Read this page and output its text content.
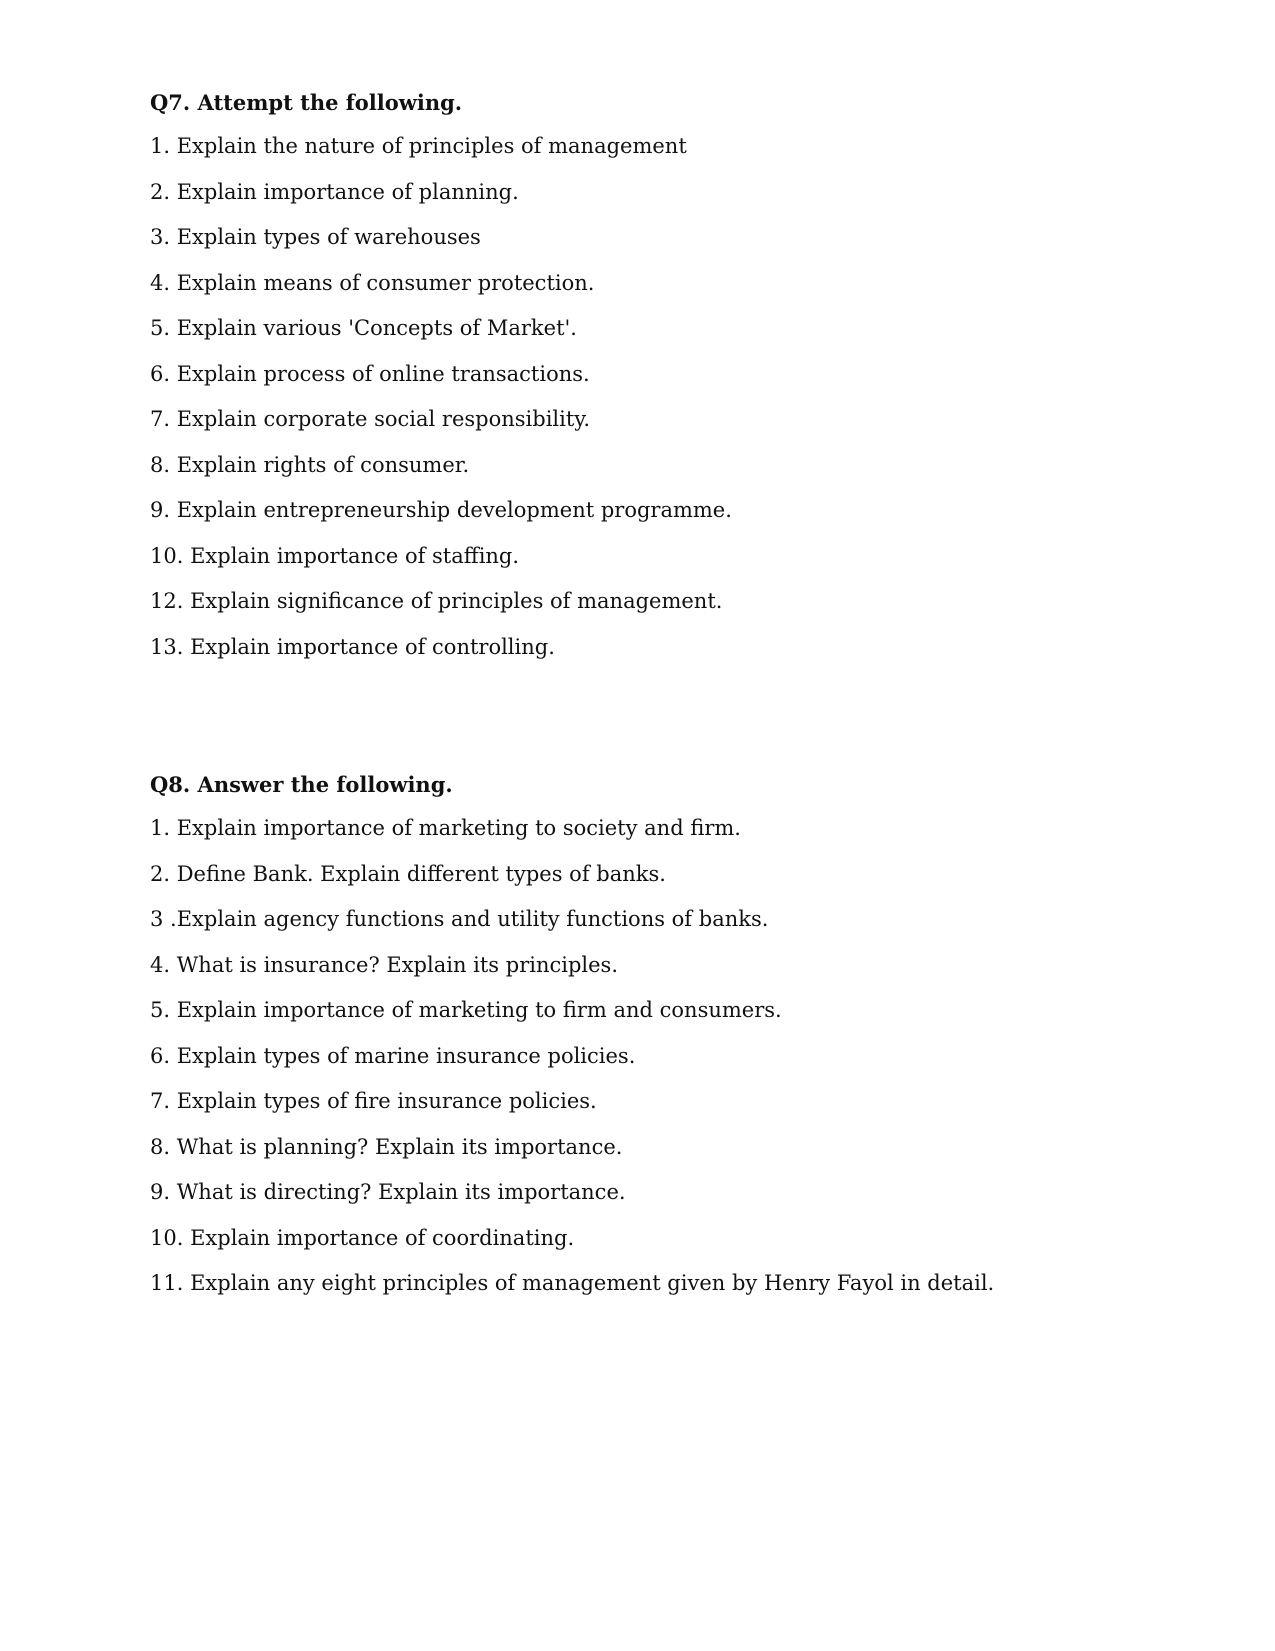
Q7. Attempt the following.
1. Explain the nature of principles of management
2. Explain importance of planning.
3. Explain types of warehouses
4. Explain means of consumer protection.
5. Explain various 'Concepts of Market'.
6. Explain process of online transactions.
7. Explain corporate social responsibility.
8. Explain rights of consumer.
9. Explain entrepreneurship development programme.
10. Explain importance of staffing.
12. Explain significance of principles of management.
13. Explain importance of controlling.
Q8. Answer the following.
1. Explain importance of marketing to society and firm.
2. Define Bank. Explain different types of banks.
3 .Explain agency functions and utility functions of banks.
4. What is insurance? Explain its principles.
5. Explain importance of marketing to firm and consumers.
6. Explain types of marine insurance policies.
7. Explain types of fire insurance policies.
8. What is planning? Explain its importance.
9. What is directing? Explain its importance.
10. Explain importance of coordinating.
11. Explain any eight principles of management given by Henry Fayol in detail.
